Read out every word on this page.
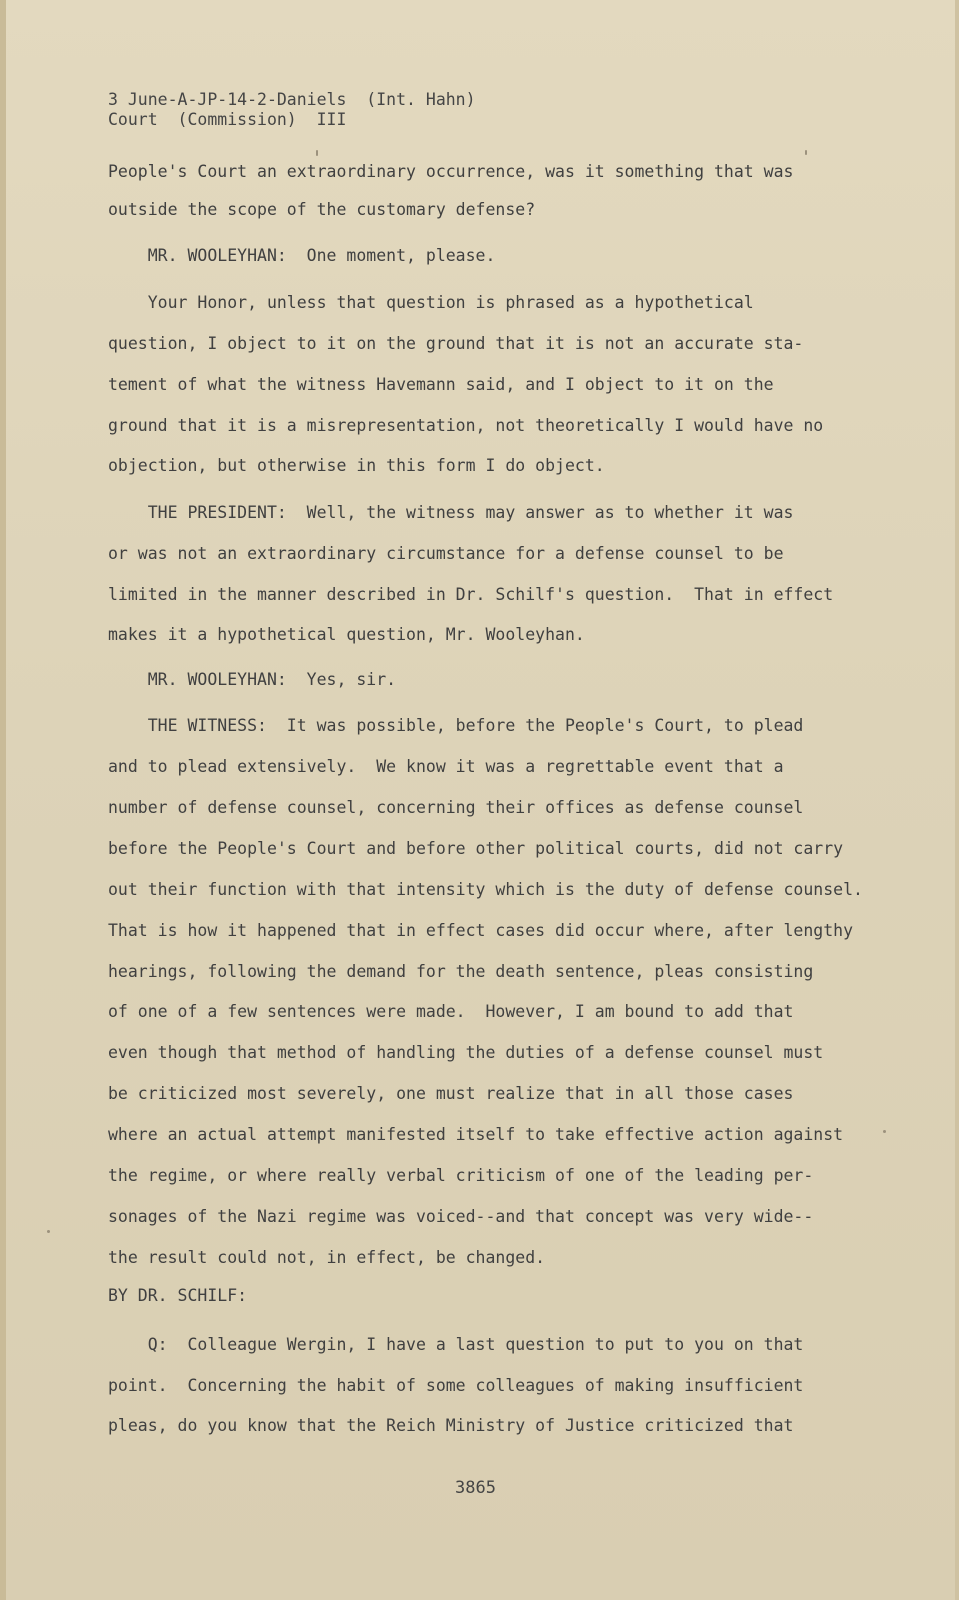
3 June-A-JP-14-2-Daniels  (Int. Hahn)
Court  (Commission)  III
People's Court an extraordinary occurrence, was it something that was
outside the scope of the customary defense?
MR. WOOLEYHAN:  One moment, please.
Your Honor, unless that question is phrased as a hypothetical
question, I object to it on the ground that it is not an accurate sta-
tement of what the witness Havemann said, and I object to it on the
ground that it is a misrepresentation, not theoretically I would have no
objection, but otherwise in this form I do object.
THE PRESIDENT:  Well, the witness may answer as to whether it was
or was not an extraordinary circumstance for a defense counsel to be
limited in the manner described in Dr. Schilf's question.  That in effect
makes it a hypothetical question, Mr. Wooleyhan.
MR. WOOLEYHAN:  Yes, sir.
THE WITNESS:  It was possible, before the People's Court, to plead
and to plead extensively.  We know it was a regrettable event that a
number of defense counsel, concerning their offices as defense counsel
before the People's Court and before other political courts, did not carry
out their function with that intensity which is the duty of defense counsel.
That is how it happened that in effect cases did occur where, after lengthy
hearings, following the demand for the death sentence, pleas consisting
of one of a few sentences were made.  However, I am bound to add that
even though that method of handling the duties of a defense counsel must
be criticized most severely, one must realize that in all those cases
where an actual attempt manifested itself to take effective action against
the regime, or where really verbal criticism of one of the leading per-
sonages of the Nazi regime was voiced--and that concept was very wide--
the result could not, in effect, be changed.
BY DR. SCHILF:
Q:  Colleague Wergin, I have a last question to put to you on that
point.  Concerning the habit of some colleagues of making insufficient
pleas, do you know that the Reich Ministry of Justice criticized that
3865
